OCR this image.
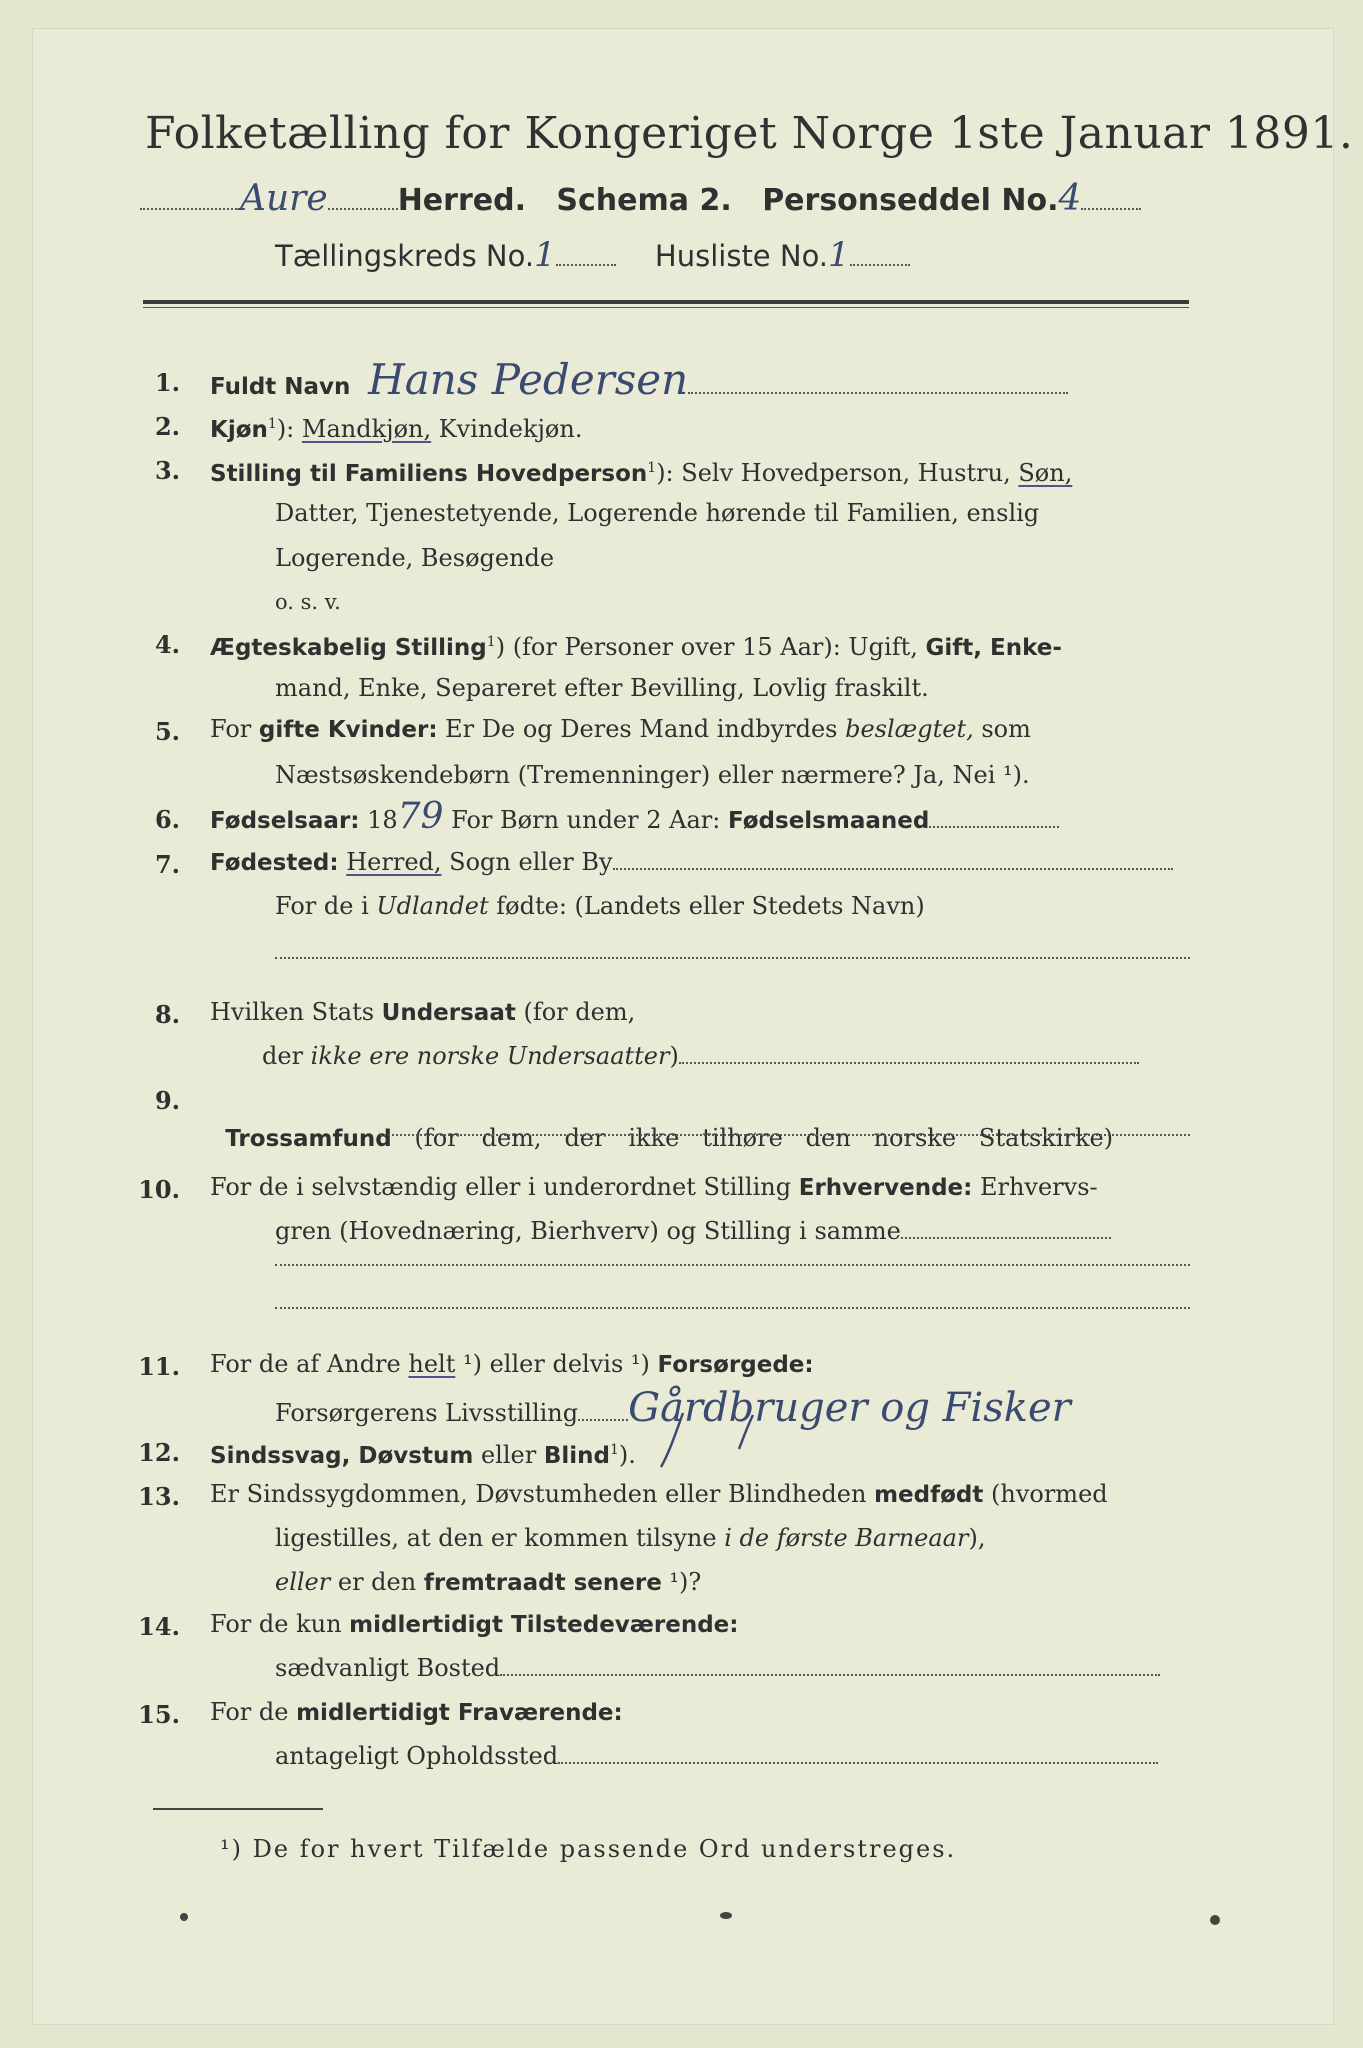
Folketælling for Kongeriget Norge 1ste Januar 1891.
Aure Herred. Schema 2. Personseddel No.4
Tællingskreds No.1	Husliste No.1
1. Fuldt Navn Hans Pedersen
2. Kjøn$^1$): Mandkjøn, Kvindekjøn.
3. Stilling til Familiens Hovedperson$^1$): Selv Hovedperson, Hustru, Søn,
Datter, Tjenestetyende, Logerende hørende til Familien, enslig
Logerende, Besøgende
o. s. v.
4. Ægteskabelig Stilling$^1$) (for Personer over 15 Aar): Ugift, Gift, Enke-
mand, Enke, Separeret efter Bevilling, Lovlig fraskilt.
5. For gifte Kvinder: Er De og Deres Mand indbyrdes beslægtet, som
Næstsøskendebørn (Tremenninger) eller nærmere? Ja, Nei ¹).
6. Fødselsaar: 1879 For Børn under 2 Aar: Fødselsmaaned
7. Fødested: Herred, Sogn eller By
For de i Udlandet fødte: (Landets eller Stedets Navn)
8. Hvilken Stats Undersaat (for dem,
der ikke ere norske Undersaatter)
9.

Trossamfund   (for   dem,   der   ikke   tilhøre   den   norske   Statskirke)

10. For de i selvstændig eller i underordnet Stilling Erhvervende: Erhvervs-
gren (Hovednæring, Bierhverv) og Stilling i samme
11. For de af Andre helt ¹) eller delvis ¹) Forsørgede:
Forsørgerens Livsstilling Gårdbruger og Fisker
12. Sindssvag, Døvstum eller Blind$^1$).
13. Er Sindssygdommen, Døvstumheden eller Blindheden medfødt (hvormed
ligestilles, at den er kommen tilsyne i de første Barneaar),
eller er den fremtraadt senere ¹)?
14. For de kun midlertidigt Tilstedeværende:
sædvanligt Bosted
15. For de midlertidigt Fraværende:
antageligt Opholdssted
¹) De for hvert Tilfælde passende Ord understreges.
